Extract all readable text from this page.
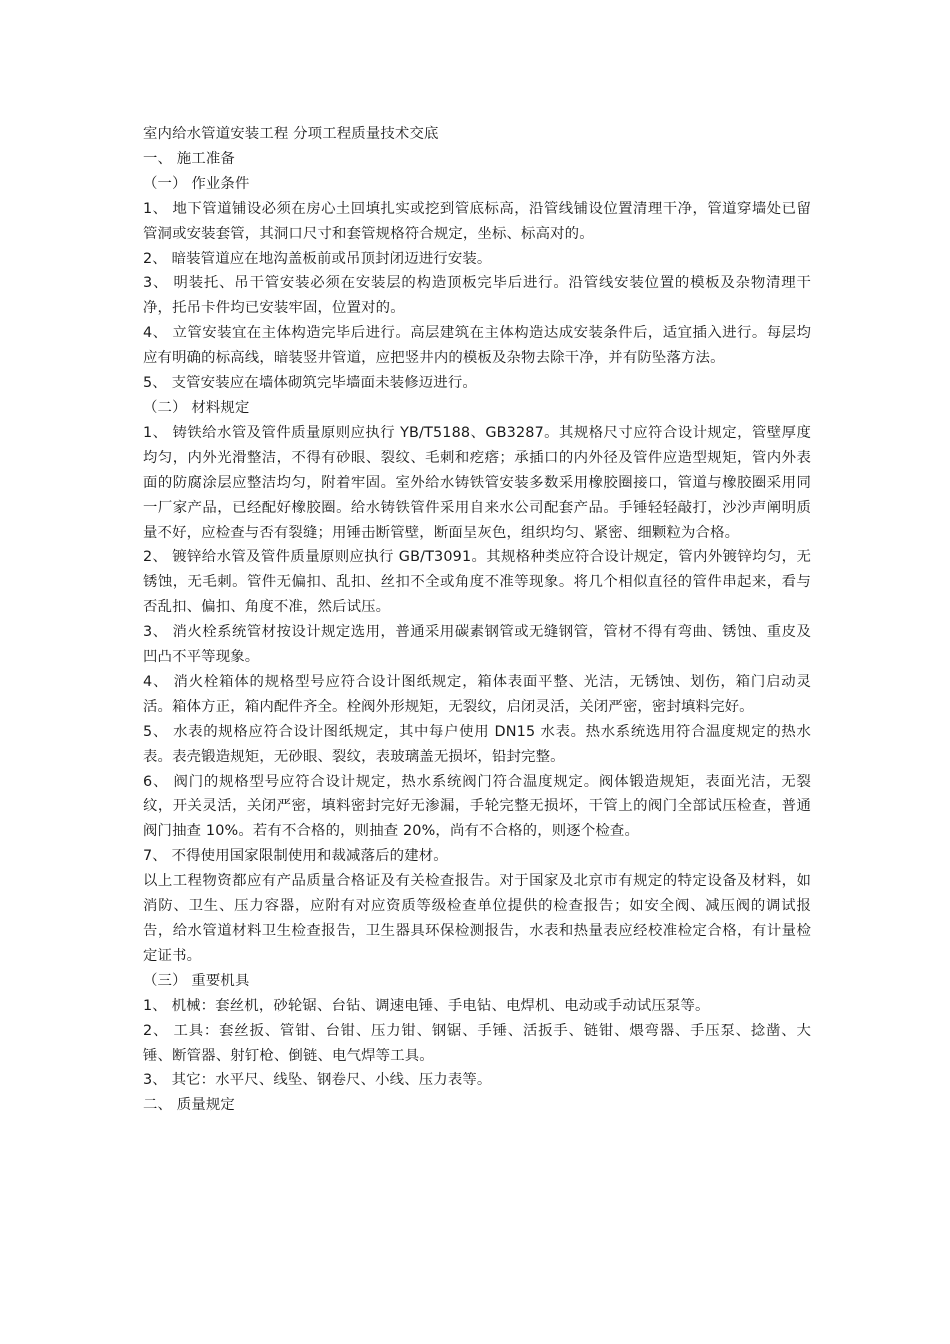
室内给水管道安装工程 分项工程质量技术交底

一、 施工准备

（一） 作业条件

1、 地下管道铺设必须在房心土回填扎实或挖到管底标高，沿管线铺设位置清理干净，管道穿墙处已留管洞或安装套管，其洞口尺寸和套管规格符合规定，坐标、标高对的。

2、 暗装管道应在地沟盖板前或吊顶封闭迈进行安装。

3、 明装托、吊干管安装必须在安装层的构造顶板完毕后进行。沿管线安装位置的模板及杂物清理干净，托吊卡件均已安装牢固，位置对的。

4、 立管安装宜在主体构造完毕后进行。高层建筑在主体构造达成安装条件后，适宜插入进行。每层均应有明确的标高线，暗装竖井管道，应把竖井内的模板及杂物去除干净，并有防坠落方法。

5、 支管安装应在墙体砌筑完毕墙面未装修迈进行。

（二） 材料规定

1、 铸铁给水管及管件质量原则应执行 YB/T5188、GB3287。其规格尺寸应符合设计规定，管壁厚度均匀，内外光滑整洁，不得有砂眼、裂纹、毛刺和疙瘩；承插口的内外径及管件应造型规矩，管内外表面的防腐涂层应整洁均匀，附着牢固。室外给水铸铁管安装多数采用橡胶圈接口，管道与橡胶圈采用同一厂家产品，已经配好橡胶圈。给水铸铁管件采用自来水公司配套产品。手锤轻轻敲打，沙沙声阐明质量不好，应检查与否有裂缝；用锤击断管壁，断面呈灰色，组织均匀、紧密、细颗粒为合格。

2、 镀锌给水管及管件质量原则应执行 GB/T3091。其规格种类应符合设计规定，管内外镀锌均匀，无锈蚀，无毛刺。管件无偏扣、乱扣、丝扣不全或角度不准等现象。将几个相似直径的管件串起来，看与否乱扣、偏扣、角度不准，然后试压。

3、 消火栓系统管材按设计规定选用，普通采用碳素钢管或无缝钢管，管材不得有弯曲、锈蚀、重皮及凹凸不平等现象。

4、 消火栓箱体的规格型号应符合设计图纸规定，箱体表面平整、光洁，无锈蚀、划伤，箱门启动灵活。箱体方正，箱内配件齐全。栓阀外形规矩，无裂纹，启闭灵活，关闭严密，密封填料完好。

5、 水表的规格应符合设计图纸规定，其中每户使用 DN15 水表。热水系统选用符合温度规定的热水表。表壳锻造规矩，无砂眼、裂纹，表玻璃盖无损坏，铅封完整。

6、 阀门的规格型号应符合设计规定，热水系统阀门符合温度规定。阀体锻造规矩，表面光洁，无裂纹，开关灵活，关闭严密，填料密封完好无渗漏，手轮完整无损坏，干管上的阀门全部试压检查，普通阀门抽查 10%。若有不合格的，则抽查 20%，尚有不合格的，则逐个检查。

7、 不得使用国家限制使用和裁减落后的建材。

以上工程物资都应有产品质量合格证及有关检查报告。对于国家及北京市有规定的特定设备及材料，如消防、卫生、压力容器，应附有对应资质等级检查单位提供的检查报告；如安全阀、减压阀的调试报告，给水管道材料卫生检查报告，卫生器具环保检测报告，水表和热量表应经校准检定合格，有计量检定证书。

（三） 重要机具

1、 机械：套丝机，砂轮锯、台钻、调速电锤、手电钻、电焊机、电动或手动试压泵等。

2、 工具：套丝扳、管钳、台钳、压力钳、钢锯、手锤、活扳手、链钳、煨弯器、手压泵、捻凿、大锤、断管器、射钉枪、倒链、电气焊等工具。

3、 其它：水平尺、线坠、钢卷尺、小线、压力表等。

二、 质量规定
